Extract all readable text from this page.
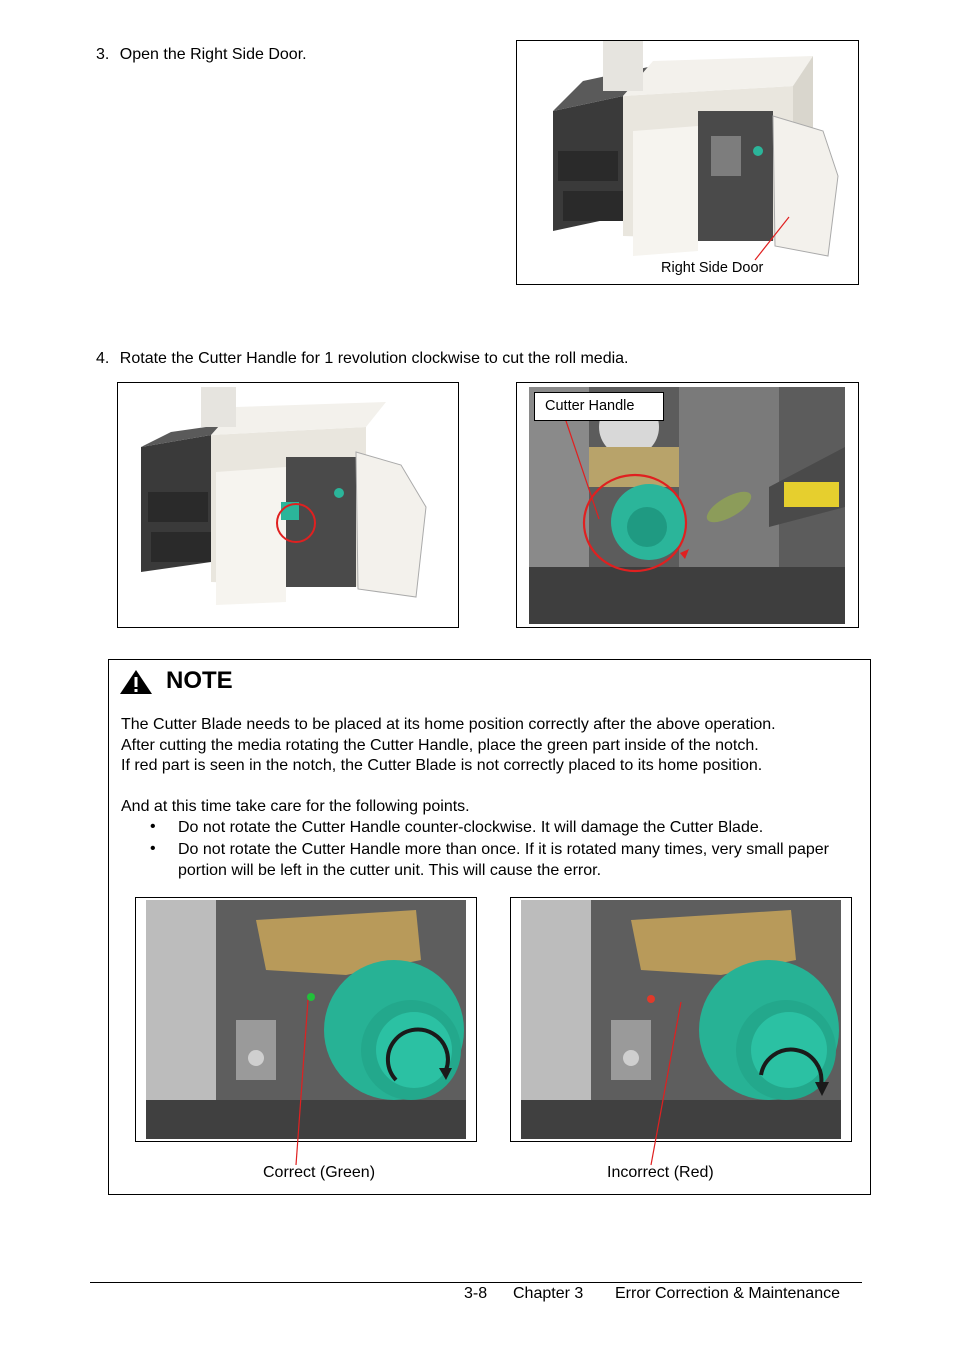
3. Open the Right Side Door.
Right Side Door
4. Rotate the Cutter Handle for 1 revolution clockwise to cut the roll media.
Cutter Handle
NOTE
The Cutter Blade needs to be placed at its home position correctly after the above operation.
After cutting the media rotating the Cutter Handle, place the green part inside of the notch.
If red part is seen in the notch, the Cutter Blade is not correctly placed to its home position.
And at this time take care for the following points.
• Do not rotate the Cutter Handle counter-clockwise. It will damage the Cutter Blade.
• Do not rotate the Cutter Handle more than once. If it is rotated many times, very small paper portion will be left in the cutter unit. This will cause the error.
Correct (Green)	Incorrect (Red)
3-8 Chapter 3 Error Correction & Maintenance
